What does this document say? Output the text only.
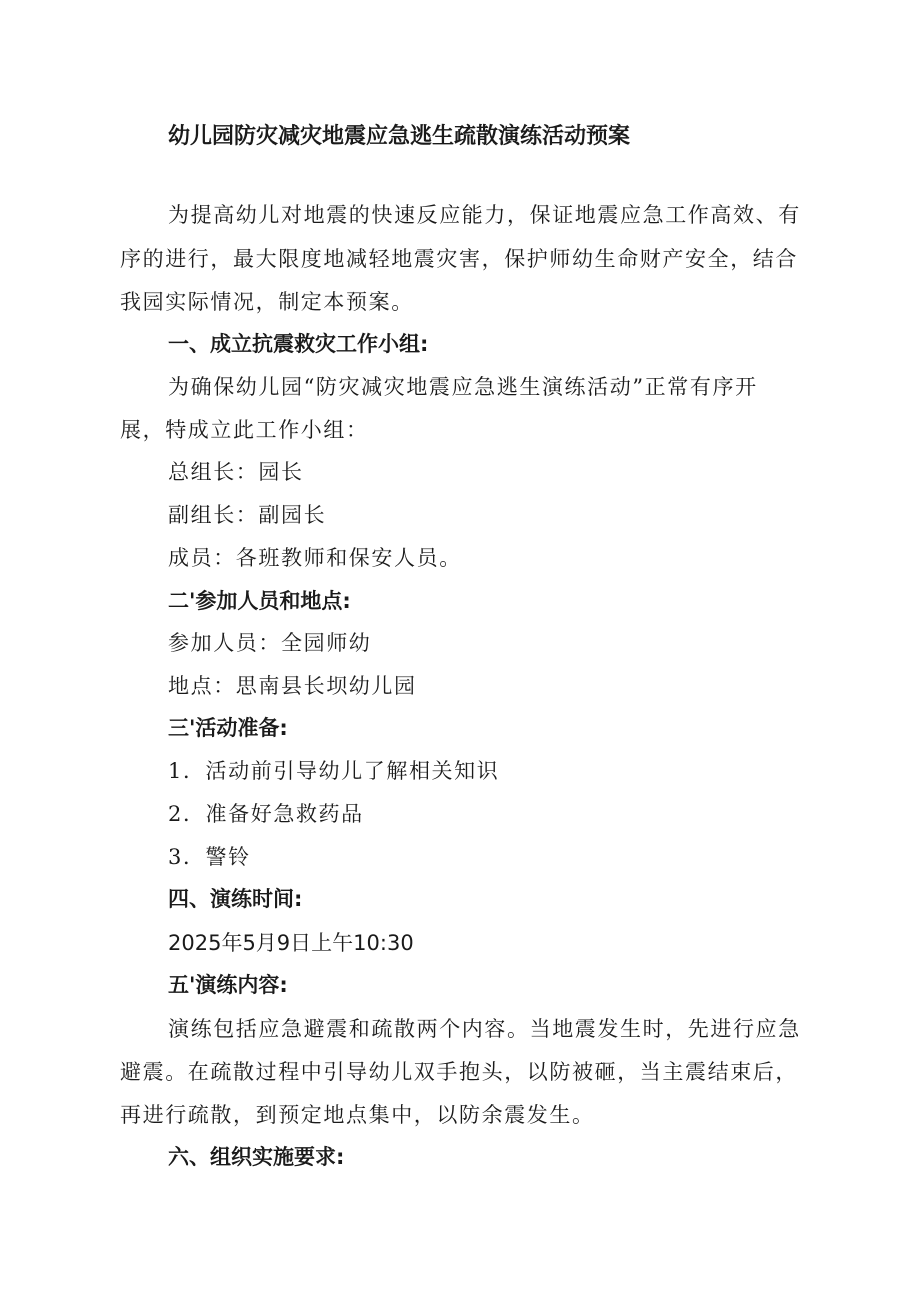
幼儿园防灾减灾地震应急逃生疏散演练活动预案
为提高幼儿对地震的快速反应能力，保证地震应急工作高效、有
序的进行，最大限度地减轻地震灾害，保护师幼生命财产安全，结合
我园实际情况，制定本预案。
一、成立抗震救灾工作小组:
为确保幼儿园“防灾减灾地震应急逃生演练活动”正常有序开
展，特成立此工作小组：
总组长：园长
副组长：副园长
成员：各班教师和保安人员。
二'参加人员和地点:
参加人员：全园师幼
地点：思南县长坝幼儿园
三'活动准备:
1．活动前引导幼儿了解相关知识
2．准备好急救药品
3．警铃
四、演练时间:
2025年5月9日上午10:30
五'演练内容:
演练包括应急避震和疏散两个内容。当地震发生时，先进行应急
避震。在疏散过程中引导幼儿双手抱头，以防被砸，当主震结束后，
再进行疏散，到预定地点集中，以防余震发生。
六、组织实施要求:
